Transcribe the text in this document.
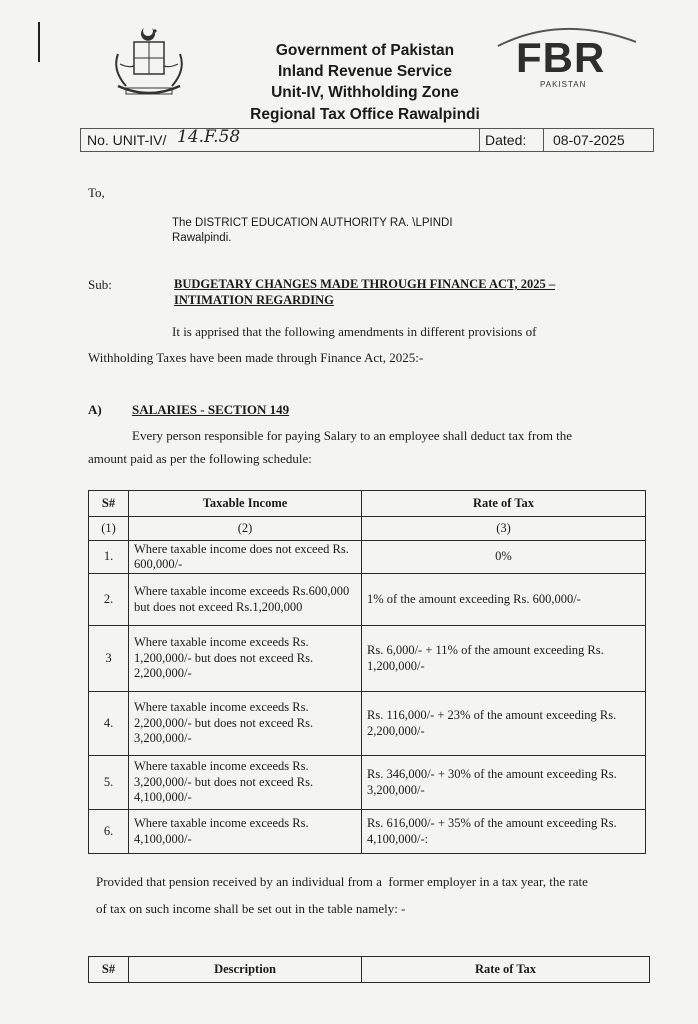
Government of Pakistan
Inland Revenue Service
Unit-IV, Withholding Zone
Regional Tax Office Rawalpindi
FBR
PAKISTAN
No. UNIT-IV/ 14.F.58	Dated: 08-07-2025
To,
The DISTRICT EDUCATION AUTHORITY RA. \LPINDI
Rawalpindi.
Sub:	BUDGETARY CHANGES MADE THROUGH FINANCE ACT, 2025 –
INTIMATION REGARDING
It is apprised that the following amendments in different provisions of
Withholding Taxes have been made through Finance Act, 2025:-
A) SALARIES - SECTION 149
Every person responsible for paying Salary to an employee shall deduct tax from the
amount paid as per the following schedule:
S#	Taxable Income	Rate of Tax
(1)	(2)	(3)
1.	Where taxable income does not exceed Rs. 600,000/-	0%
2.	Where taxable income exceeds Rs.600,000 but does not exceed Rs.1,200,000	1% of the amount exceeding Rs. 600,000/-
3	Where taxable income exceeds Rs. 1,200,000/- but does not exceed Rs. 2,200,000/-	Rs. 6,000/- + 11% of the amount exceeding Rs. 1,200,000/-
4.	Where taxable income exceeds Rs. 2,200,000/- but does not exceed Rs. 3,200,000/-	Rs. 116,000/- + 23% of the amount exceeding Rs. 2,200,000/-
5.	Where taxable income exceeds Rs. 3,200,000/- but does not exceed Rs. 4,100,000/-	Rs. 346,000/- + 30% of the amount exceeding Rs. 3,200,000/-
6.	Where taxable income exceeds Rs. 4,100,000/-	Rs. 616,000/- + 35% of the amount exceeding Rs. 4,100,000/-:
Provided that pension received by an individual from a  former employer in a tax year, the rate
of tax on such income shall be set out in the table namely: -
S#	Description	Rate of Tax
